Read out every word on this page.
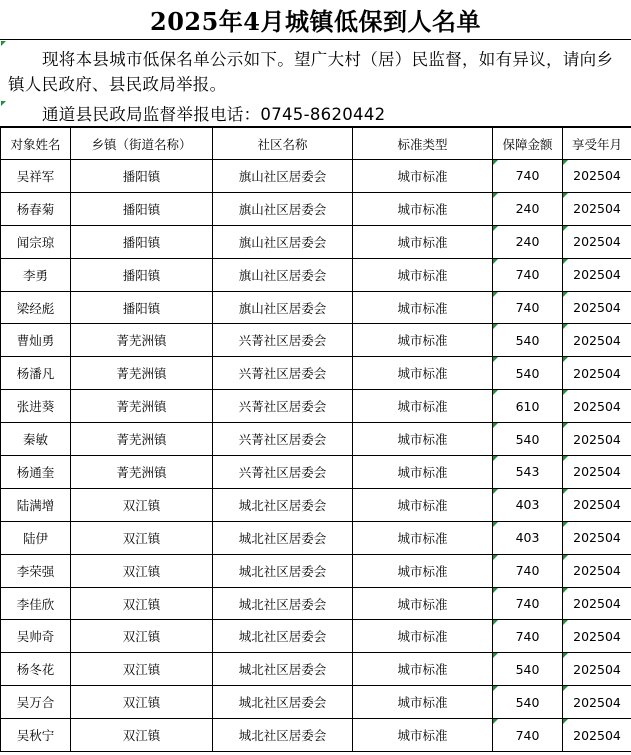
2025年4月城镇低保到人名单
现将本县城市低保名单公示如下。望广大村（居）民监督，如有异议，请向乡镇人民政府、县民政局举报。
通道县民政局监督举报电话：0745-8620442
对象姓名	乡镇（街道名称）	社区名称	标准类型	保障金额	享受年月
吴祥军	播阳镇	旗山社区居委会	城市标准	740	202504
杨春菊	播阳镇	旗山社区居委会	城市标准	240	202504
闻宗琼	播阳镇	旗山社区居委会	城市标准	240	202504
李勇	播阳镇	旗山社区居委会	城市标准	740	202504
梁经彪	播阳镇	旗山社区居委会	城市标准	740	202504
曹灿勇	菁芜洲镇	兴菁社区居委会	城市标准	540	202504
杨潘凡	菁芜洲镇	兴菁社区居委会	城市标准	540	202504
张进葵	菁芜洲镇	兴菁社区居委会	城市标准	610	202504
秦敏	菁芜洲镇	兴菁社区居委会	城市标准	540	202504
杨通奎	菁芜洲镇	兴菁社区居委会	城市标准	543	202504
陆满增	双江镇	城北社区居委会	城市标准	403	202504
陆伊	双江镇	城北社区居委会	城市标准	403	202504
李荣强	双江镇	城北社区居委会	城市标准	740	202504
李佳欣	双江镇	城北社区居委会	城市标准	740	202504
吴帅奇	双江镇	城北社区居委会	城市标准	740	202504
杨冬花	双江镇	城北社区居委会	城市标准	540	202504
吴万合	双江镇	城北社区居委会	城市标准	540	202504
吴秋宁	双江镇	城北社区居委会	城市标准	740	202504
